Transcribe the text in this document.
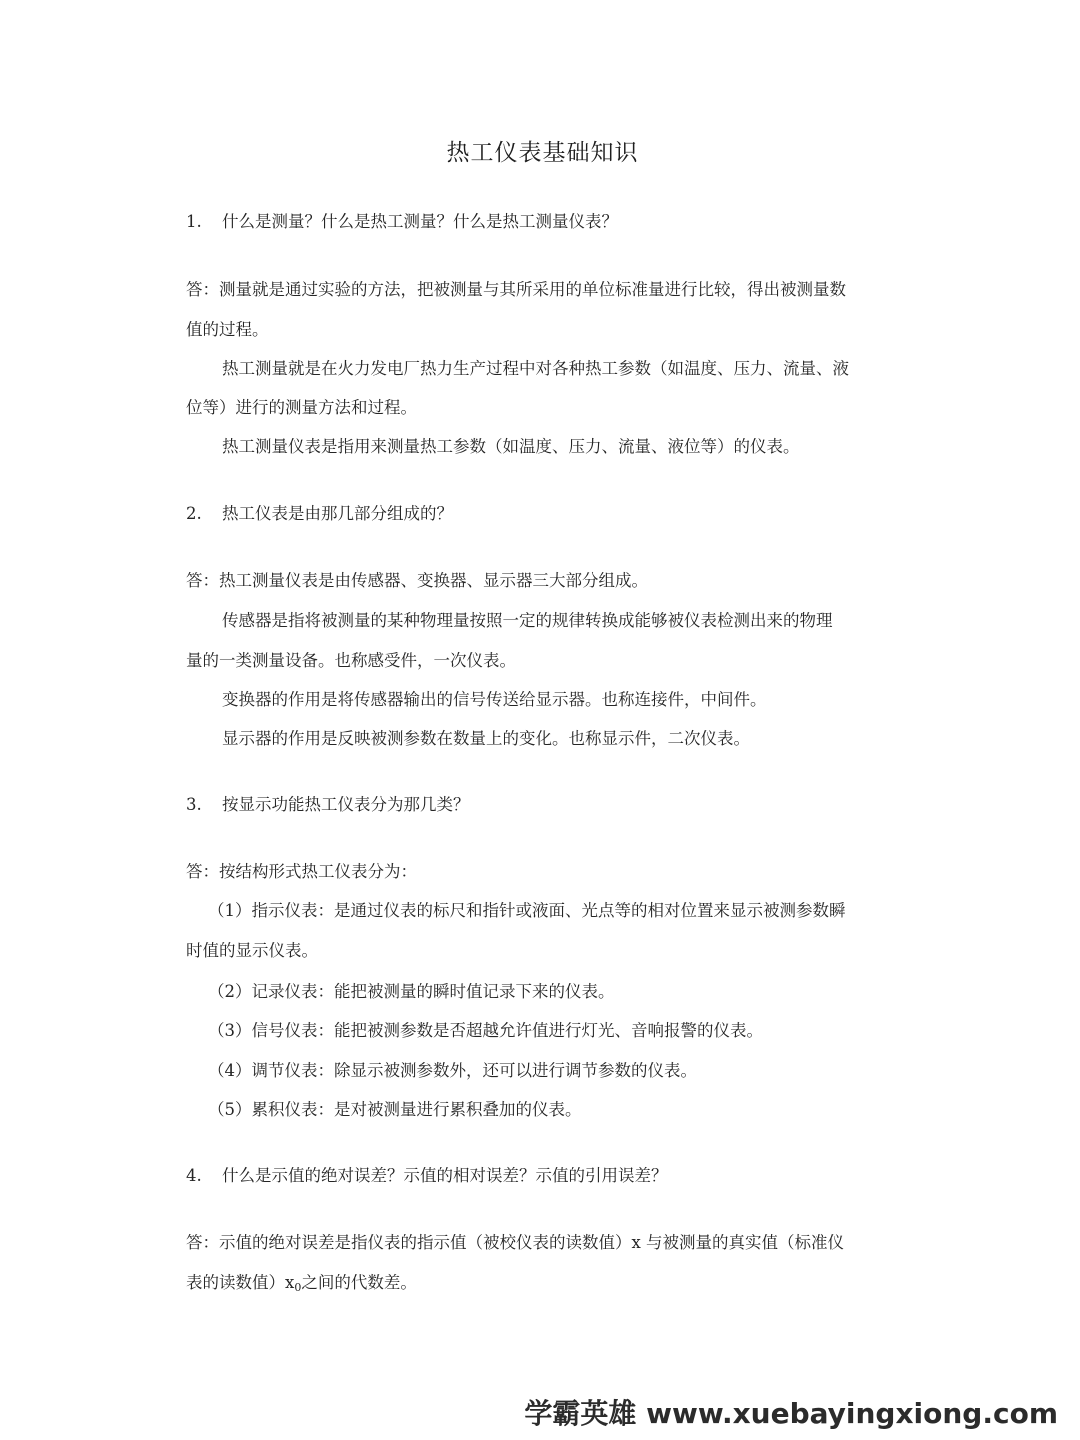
热工仪表基础知识
1. 什么是测量？什么是热工测量？什么是热工测量仪表？
答：测量就是通过实验的方法，把被测量与其所采用的单位标准量进行比较，得出被测量数
值的过程。
热工测量就是在火力发电厂热力生产过程中对各种热工参数（如温度、压力、流量、液
位等）进行的测量方法和过程。
热工测量仪表是指用来测量热工参数（如温度、压力、流量、液位等）的仪表。
2. 热工仪表是由那几部分组成的？
答：热工测量仪表是由传感器、变换器、显示器三大部分组成。
传感器是指将被测量的某种物理量按照一定的规律转换成能够被仪表检测出来的物理
量的一类测量设备。也称感受件，一次仪表。
变换器的作用是将传感器输出的信号传送给显示器。也称连接件，中间件。
显示器的作用是反映被测参数在数量上的变化。也称显示件，二次仪表。
3. 按显示功能热工仪表分为那几类？
答：按结构形式热工仪表分为：
（1）指示仪表：是通过仪表的标尺和指针或液面、光点等的相对位置来显示被测参数瞬
时值的显示仪表。
（2）记录仪表：能把被测量的瞬时值记录下来的仪表。
（3）信号仪表：能把被测参数是否超越允许值进行灯光、音响报警的仪表。
（4）调节仪表：除显示被测参数外，还可以进行调节参数的仪表。
（5）累积仪表：是对被测量进行累积叠加的仪表。
4. 什么是示值的绝对误差？示值的相对误差？示值的引用误差？
答：示值的绝对误差是指仪表的指示值（被校仪表的读数值）x 与被测量的真实值（标准仪
表的读数值）x0之间的代数差。
学霸英雄 www.xuebayingxiong.com
